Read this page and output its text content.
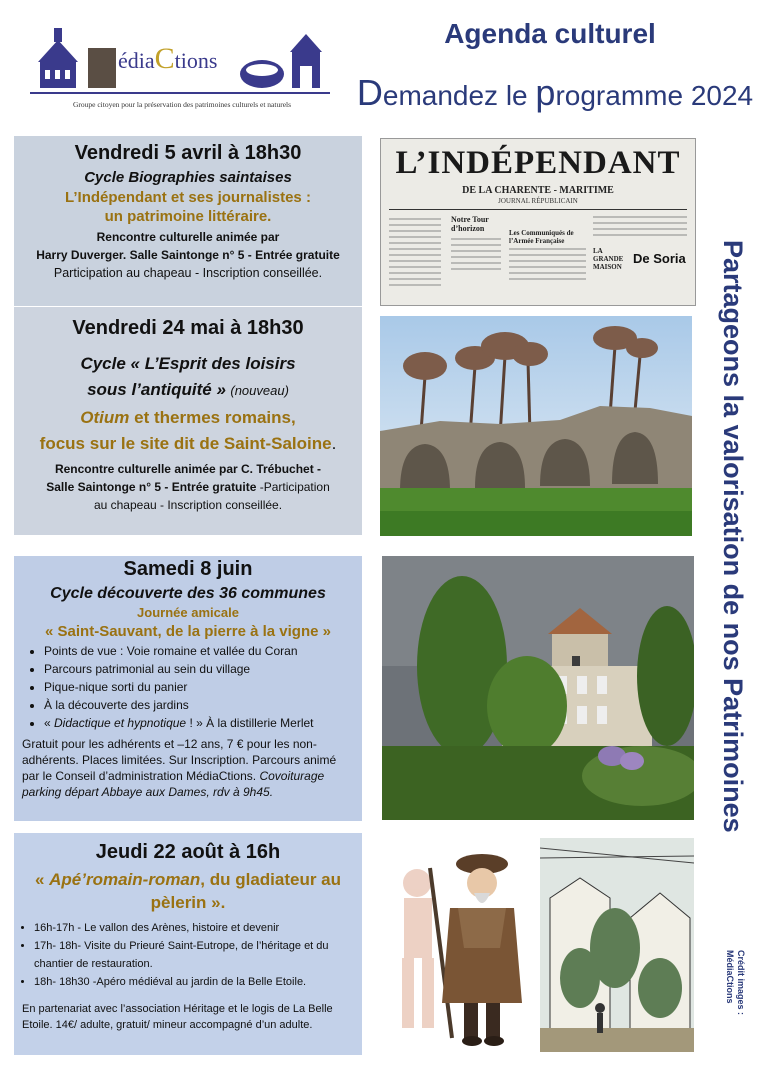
édiaCtions
Groupe citoyen pour la préservation des patrimoines culturels et naturels
Agenda culturel
Demandez le programme 2024
Vendredi 5 avril à 18h30
Cycle Biographies saintaises
L’Indépendant et ses journalistes :
un patrimoine littéraire.
Rencontre culturelle animée par
Harry Duverger. Salle Saintonge n° 5 - Entrée gratuite
Participation au chapeau - Inscription conseillée.
Vendredi 24 mai à 18h30
Cycle « L’Esprit des loisirs
sous l’antiquité » (nouveau)
Otium et thermes romains,
focus sur le site dit de Saint-Saloine.
Rencontre culturelle animée par C. Trébuchet -
Salle Saintonge n° 5 - Entrée gratuite -Participation
au chapeau - Inscription conseillée.
Samedi 8 juin
Cycle découverte des 36 communes
Journée amicale
« Saint-Sauvant, de la pierre à la vigne »
• Points de vue : Voie romaine et vallée du Coran
• Parcours patrimonial au sein du village
• Pique-nique sorti du panier
• À la découverte des jardins
• « Didactique et hypnotique ! » À la distillerie Merlet
Gratuit pour les adhérents et –12 ans, 7 € pour les non-adhérents. Places limitées. Sur Inscription. Parcours animé par le Conseil d’administration MédiaCtions. Covoiturage parking départ Abbaye aux Dames, rdv à 9h45.
Jeudi 22 août à 16h
« Apé’romain-roman, du gladiateur au
pèlerin ».
• 16h-17h - Le vallon des Arènes, histoire et devenir
• 17h- 18h- Visite du Prieuré Saint-Eutrope, de l’héritage et du chantier de restauration.
• 18h- 18h30 -Apéro médiéval au jardin de la Belle Etoile.
En partenariat avec l’association Héritage et le logis de La Belle Etoile. 14€/ adulte, gratuit/ mineur accompagné d’un adulte.
L’INDÉPENDANT
DE LA CHARENTE - MARITIME
JOURNAL RÉPUBLICAIN
Notre Tour d’horizon	Les Communiqués de l’Armée Française
LA GRANDE MAISON
De Soria	Partageons la valorisation de nos Patrimoines
Crédit images :
MédiaCtions
